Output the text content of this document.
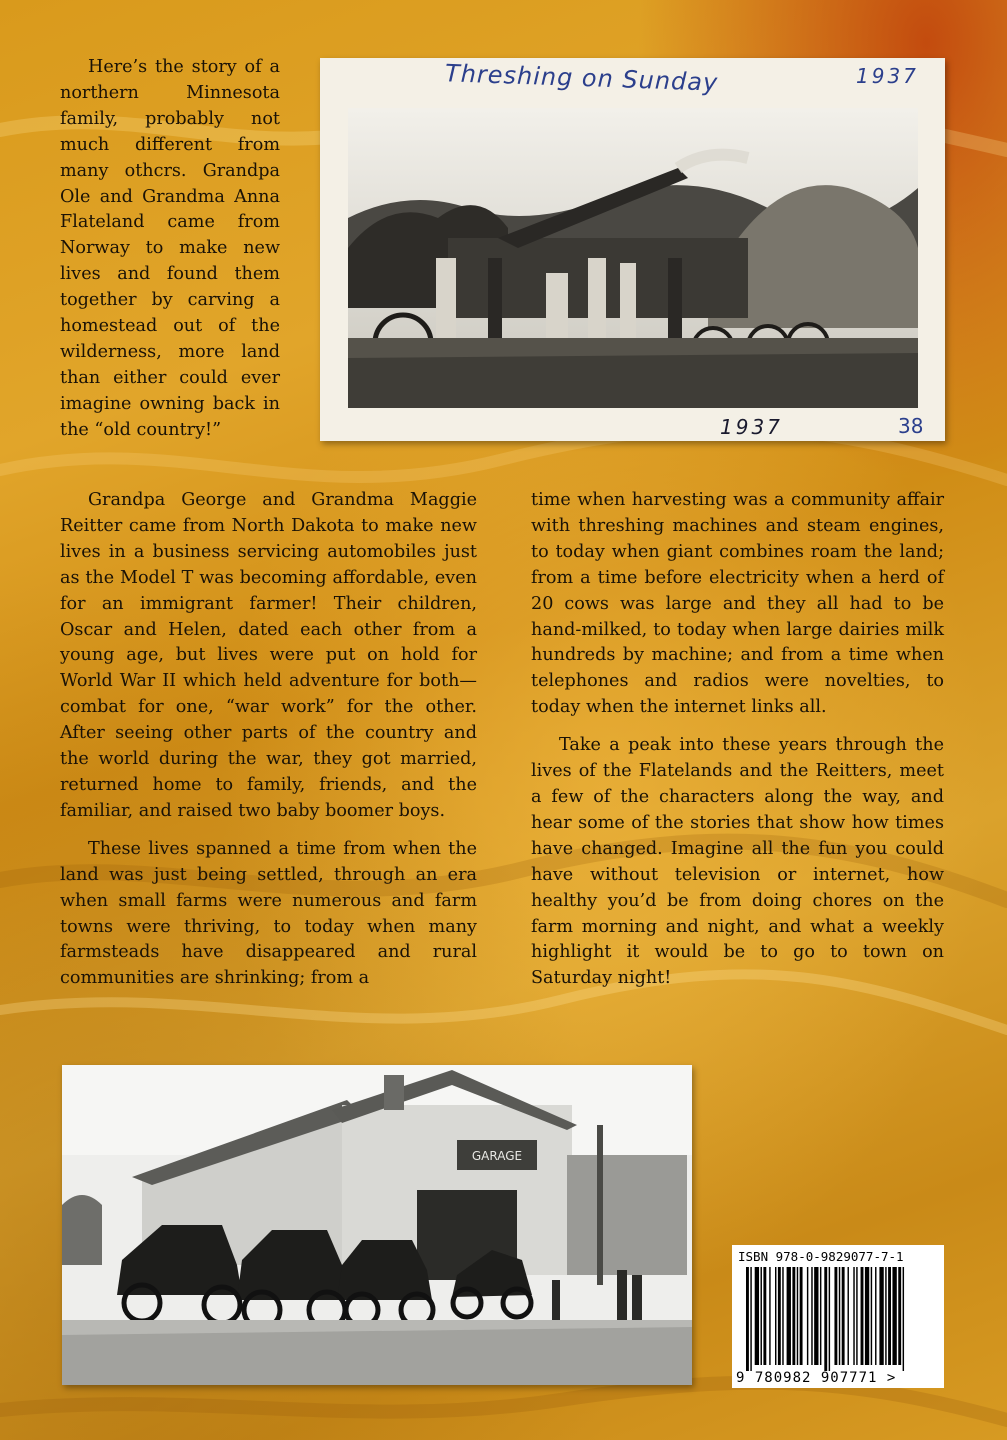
Here’s the story of a northern Minnesota family, probably not much different from many othcrs. Grandpa Ole and Grandma Anna Flateland came from Norway to make new lives and found them together by carving a homestead out of the wilderness, more land than either could ever imagine owning back in the “old country!”

Threshing on Sunday	1937
1937	38

Grandpa George and Grandma Maggie Reitter came from North Dakota to make new lives in a business servicing automobiles just as the Model T was becoming affordable, even for an immigrant farmer! Their children, Oscar and Helen, dated each other from a young age, but lives were put on hold for World War II which held adventure for both—combat for one, “war work” for the other. After seeing other parts of the country and the world during the war, they got married, returned home to family, friends, and the familiar, and raised two baby boomer boys.

These lives spanned a time from when the land was just being settled, through an era when small farms were numerous and farm towns were thriving, to today when many farmsteads have disappeared and rural communities are shrinking; from a

time when harvesting was a community affair with threshing machines and steam engines, to today when giant combines roam the land; from a time before electricity when a herd of 20 cows was large and they all had to be hand-milked, to today when large dairies milk hundreds by machine; and from a time when telephones and radios were novelties, to today when the internet links all.

Take a peak into these years through the lives of the Flatelands and the Reitters, meet a few of the characters along the way, and hear some of the stories that show how times have changed. Imagine all the fun you could have without television or internet, how healthy you’d be from doing chores on the farm morning and night, and what a weekly highlight it would be to go to town on Saturday night!

GARAGE
ISBN 978-0-9829077-7-1
9 780982 907771 >
